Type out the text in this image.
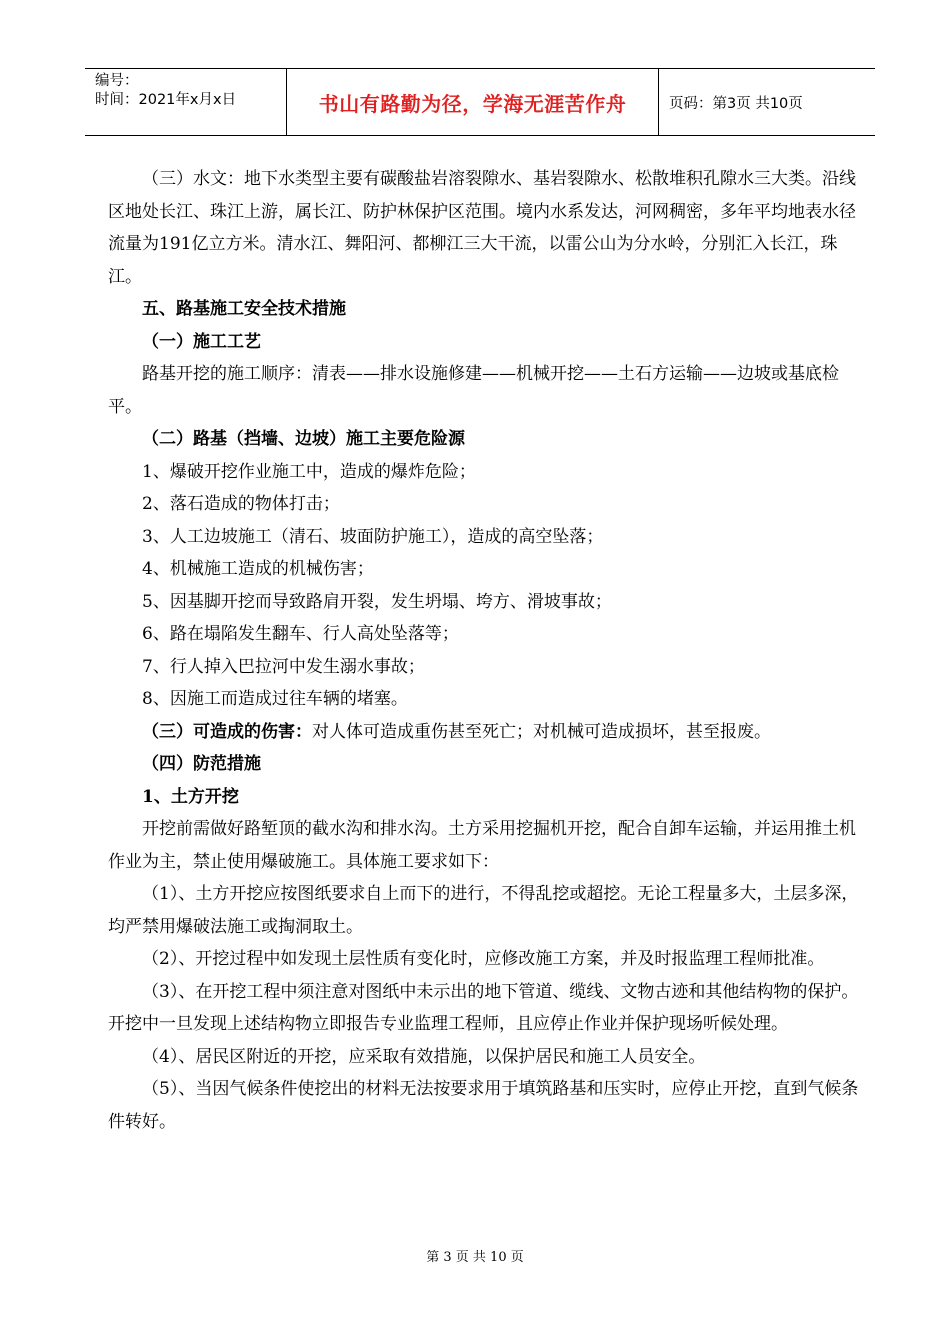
编号：
时间：2021年x月x日	书山有路勤为径，学海无涯苦作舟	页码：第3页 共10页

（三）水文：地下水类型主要有碳酸盐岩溶裂隙水、基岩裂隙水、松散堆积孔隙水三大类。沿线区地处长江、珠江上游，属长江、防护林保护区范围。境内水系发达，河网稠密，多年平均地表水径流量为191亿立方米。清水江、舞阳河、都柳江三大干流，以雷公山为分水岭，分别汇入长江，珠江。

五、路基施工安全技术措施

（一）施工工艺

路基开挖的施工顺序：清表——排水设施修建——机械开挖——土石方运输——边坡或基底检平。

（二）路基（挡墙、边坡）施工主要危险源

1、爆破开挖作业施工中，造成的爆炸危险；

2、落石造成的物体打击；

3、人工边坡施工（清石、坡面防护施工），造成的高空坠落；

4、机械施工造成的机械伤害；

5、因基脚开挖而导致路肩开裂，发生坍塌、垮方、滑坡事故；

6、路在塌陷发生翻车、行人高处坠落等；

7、行人掉入巴拉河中发生溺水事故；

8、因施工而造成过往车辆的堵塞。

（三）可造成的伤害：对人体可造成重伤甚至死亡；对机械可造成损坏，甚至报废。

（四）防范措施

1、土方开挖

开挖前需做好路堑顶的截水沟和排水沟。土方采用挖掘机开挖，配合自卸车运输，并运用推土机作业为主，禁止使用爆破施工。具体施工要求如下：

（1）、土方开挖应按图纸要求自上而下的进行，不得乱挖或超挖。无论工程量多大，土层多深，均严禁用爆破法施工或掏洞取土。

（2）、开挖过程中如发现土层性质有变化时，应修改施工方案，并及时报监理工程师批准。

（3）、在开挖工程中须注意对图纸中未示出的地下管道、缆线、文物古迹和其他结构物的保护。开挖中一旦发现上述结构物立即报告专业监理工程师，且应停止作业并保护现场听候处理。

（4）、居民区附近的开挖，应采取有效措施，以保护居民和施工人员安全。

（5）、当因气候条件使挖出的材料无法按要求用于填筑路基和压实时，应停止开挖，直到气候条件转好。

第 3 页 共 10 页
